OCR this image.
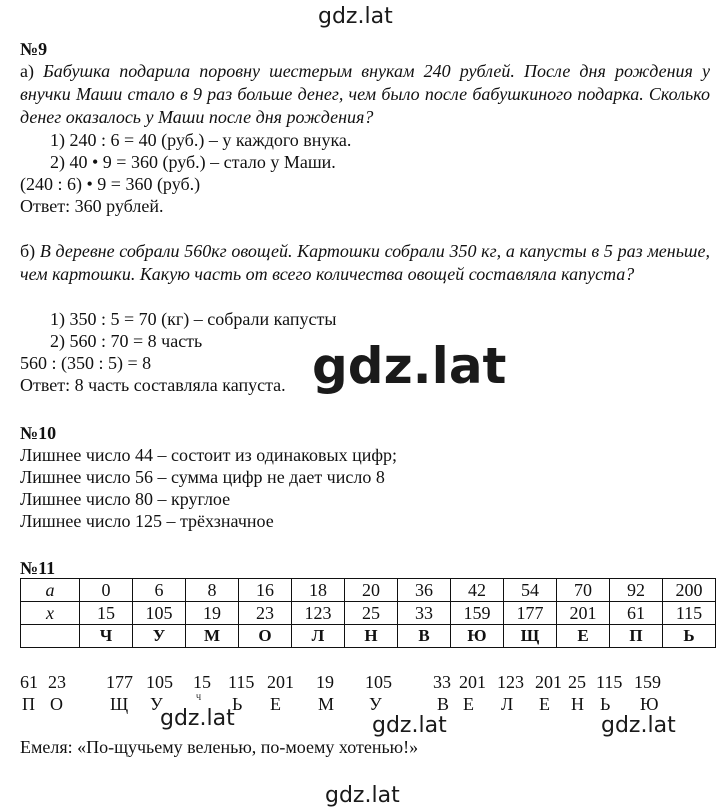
gdz.lat
gdz.lat
gdz.lat	gdz.lat	gdz.lat
gdz.lat
№9
а) Бабушка подарила поровну шестерым внукам 240 рублей. После дня рождения у внучки Маши стало в 9 раз больше денег, чем было после бабушкиного подарка. Сколько денег оказалось у Маши после дня рождения?
1) 240 : 6 = 40 (руб.) – у каждого внука.
2) 40 • 9 = 360 (руб.) – стало у Маши.
(240 : 6) • 9 = 360 (руб.)
Ответ: 360 рублей.
б) В деревне собрали 560кг овощей. Картошки собрали 350 кг, а капусты в 5 раз меньше, чем картошки. Какую часть от всего количества овощей составляла капуста?
1) 350 : 5 = 70 (кг) – собрали капусты
2) 560 : 70 = 8 часть
560 : (350 : 5) = 8
Ответ: 8 часть составляла капуста.
№10
Лишнее число 44 – состоит из одинаковых цифр;
Лишнее число 56 – сумма цифр не дает число 8
Лишнее число 80 – круглое
Лишнее число 125 – трёхзначное
№11
a	0	6	8	16	18	20	36	42	54	70	92	200
x	15	105	19	23	123	25	33	159	177	201	61	115
	Ч	У	М	О	Л	Н	В	Ю	Щ	Е	П	Ь
61 23 177 105 15 115 201 19 105 33 201 123 201 25 115 159
П О	Щ У	Ч Ь Е М У	В Е Л Е Н Ь Ю
Емеля: «По-щучьему веленью, по-моему хотенью!»
